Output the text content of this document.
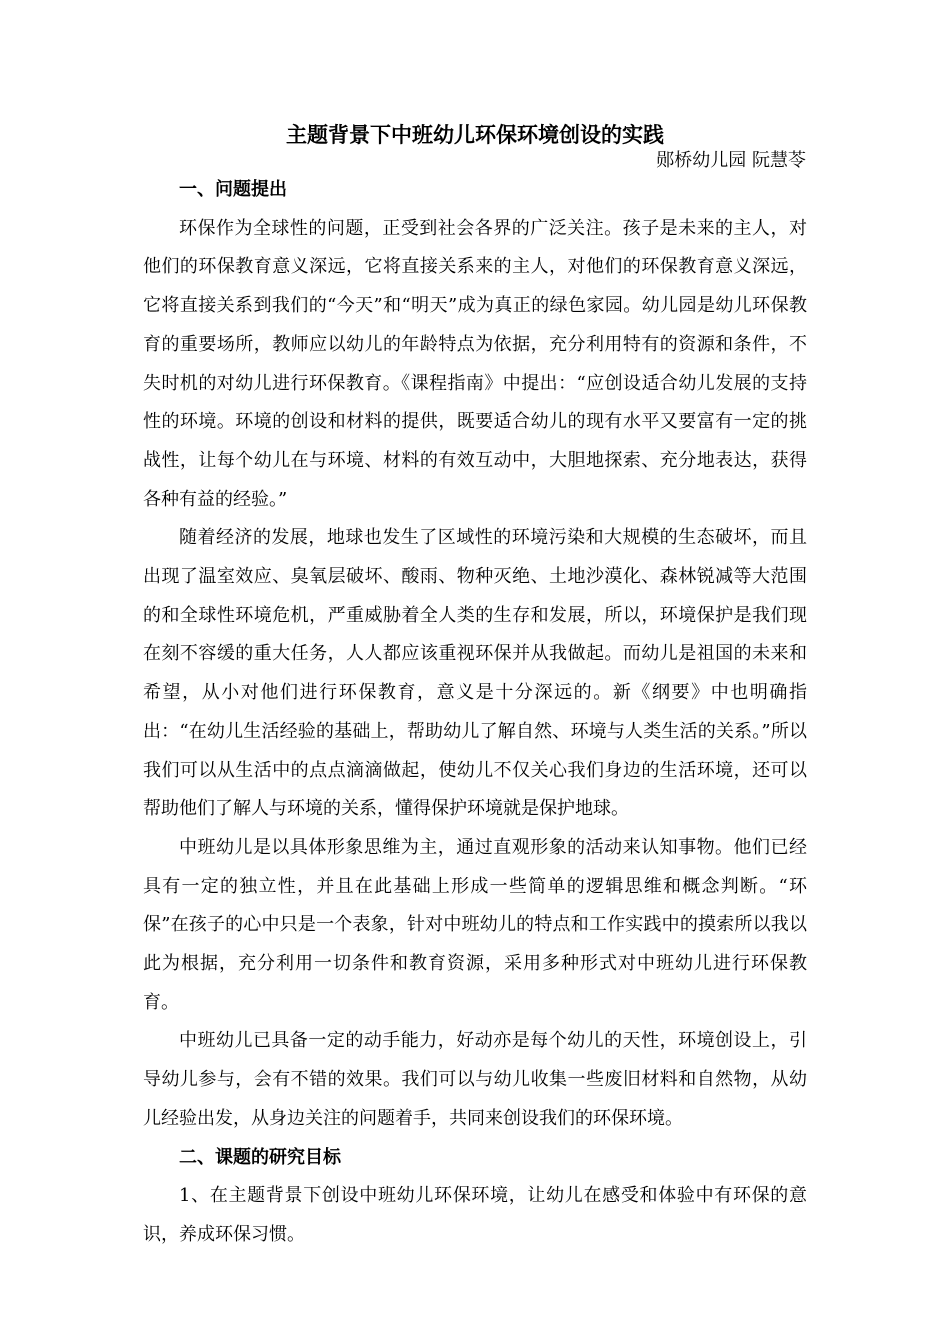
主题背景下中班幼儿环保环境创设的实践
郧桥幼儿园 阮慧苓
一、问题提出

环保作为全球性的问题，正受到社会各界的广泛关注。孩子是未来的主人，对他们的环保教育意义深远，它将直接关系来的主人，对他们的环保教育意义深远，它将直接关系到我们的“今天”和“明天”成为真正的绿色家园。幼儿园是幼儿环保教育的重要场所，教师应以幼儿的年龄特点为依据，充分利用特有的资源和条件，不失时机的对幼儿进行环保教育。《课程指南》中提出：“应创设适合幼儿发展的支持性的环境。环境的创设和材料的提供，既要适合幼儿的现有水平又要富有一定的挑战性，让每个幼儿在与环境、材料的有效互动中，大胆地探索、充分地表达，获得各种有益的经验。”

随着经济的发展，地球也发生了区域性的环境污染和大规模的生态破坏，而且出现了温室效应、臭氧层破坏、酸雨、物种灭绝、土地沙漠化、森林锐减等大范围的和全球性环境危机，严重威胁着全人类的生存和发展，所以，环境保护是我们现在刻不容缓的重大任务，人人都应该重视环保并从我做起。而幼儿是祖国的未来和希望，从小对他们进行环保教育，意义是十分深远的。新《纲要》中也明确指出：“在幼儿生活经验的基础上，帮助幼儿了解自然、环境与人类生活的关系。”所以我们可以从生活中的点点滴滴做起，使幼儿不仅关心我们身边的生活环境，还可以帮助他们了解人与环境的关系，懂得保护环境就是保护地球。

中班幼儿是以具体形象思维为主，通过直观形象的活动来认知事物。他们已经具有一定的独立性，并且在此基础上形成一些简单的逻辑思维和概念判断。“环保”在孩子的心中只是一个表象，针对中班幼儿的特点和工作实践中的摸索所以我以此为根据，充分利用一切条件和教育资源，采用多种形式对中班幼儿进行环保教育。

中班幼儿已具备一定的动手能力，好动亦是每个幼儿的天性，环境创设上，引导幼儿参与，会有不错的效果。我们可以与幼儿收集一些废旧材料和自然物，从幼儿经验出发，从身边关注的问题着手，共同来创设我们的环保环境。

二、课题的研究目标

1、在主题背景下创设中班幼儿环保环境，让幼儿在感受和体验中有环保的意识，养成环保习惯。
